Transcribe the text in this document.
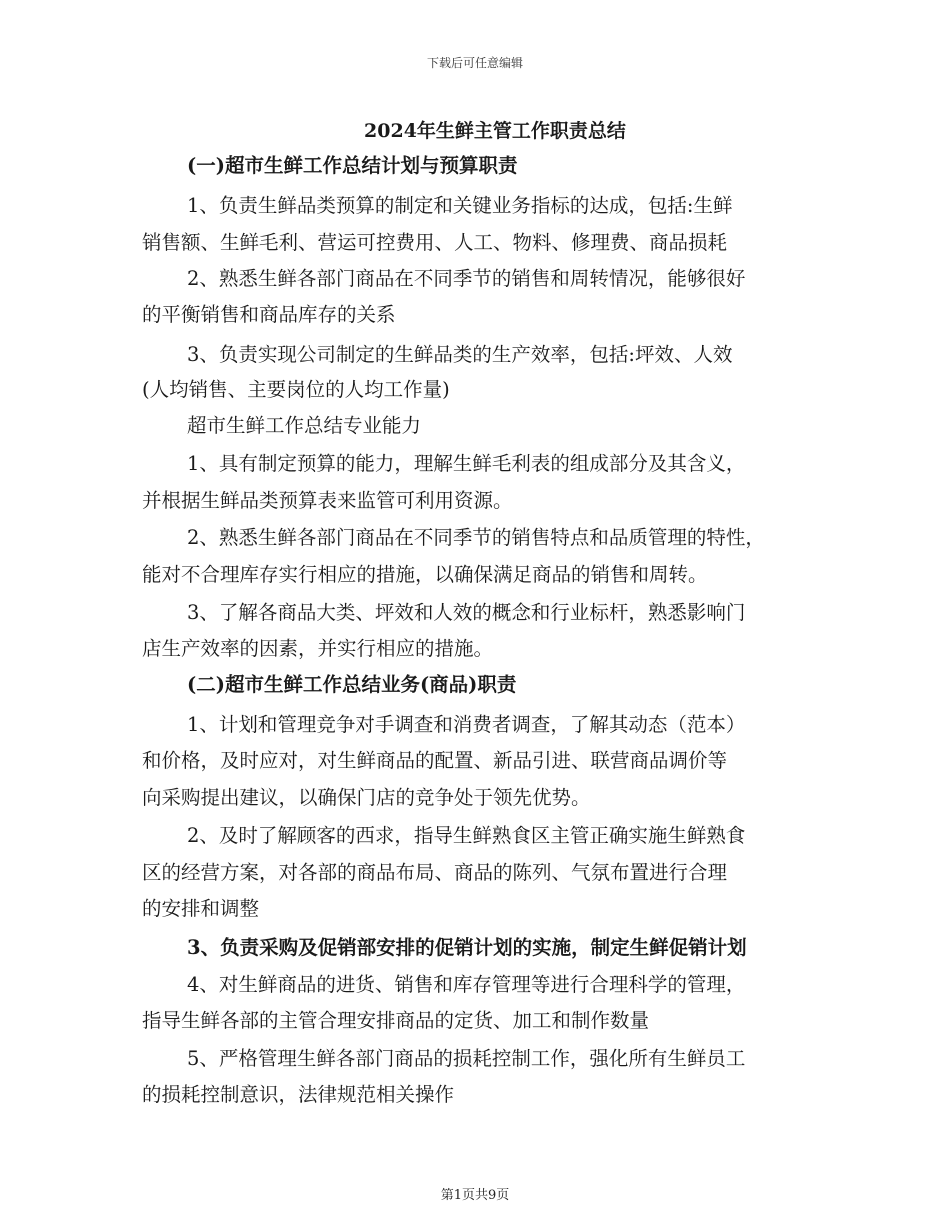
下载后可任意编辑
2024年生鲜主管工作职责总结
(一)超市生鲜工作总结计划与预算职责
1、负责生鲜品类预算的制定和关键业务指标的达成，包括:生鲜
销售额、生鲜毛利、营运可控费用、人工、物料、修理费、商品损耗
2、熟悉生鲜各部门商品在不同季节的销售和周转情况，能够很好
的平衡销售和商品库存的关系
3、负责实现公司制定的生鲜品类的生产效率，包括:坪效、人效
(人均销售、主要岗位的人均工作量)
超市生鲜工作总结专业能力
1、具有制定预算的能力，理解生鲜毛利表的组成部分及其含义，
并根据生鲜品类预算表来监管可利用资源。
2、熟悉生鲜各部门商品在不同季节的销售特点和品质管理的特性，
能对不合理库存实行相应的措施，以确保满足商品的销售和周转。
3、了解各商品大类、坪效和人效的概念和行业标杆，熟悉影响门
店生产效率的因素，并实行相应的措施。
(二)超市生鲜工作总结业务(商品)职责
1、计划和管理竞争对手调查和消费者调查，了解其动态（范本）
和价格，及时应对，对生鲜商品的配置、新品引进、联营商品调价等
向采购提出建议，以确保门店的竞争处于领先优势。
2、及时了解顾客的西求，指导生鲜熟食区主管正确实施生鲜熟食
区的经营方案，对各部的商品布局、商品的陈列、气氛布置进行合理
的安排和调整
3、负责采购及促销部安排的促销计划的实施，制定生鲜促销计划
4、对生鲜商品的进货、销售和库存管理等进行合理科学的管理，
指导生鲜各部的主管合理安排商品的定货、加工和制作数量
5、严格管理生鲜各部门商品的损耗控制工作，强化所有生鲜员工
的损耗控制意识，法律规范相关操作
第1页共9页
